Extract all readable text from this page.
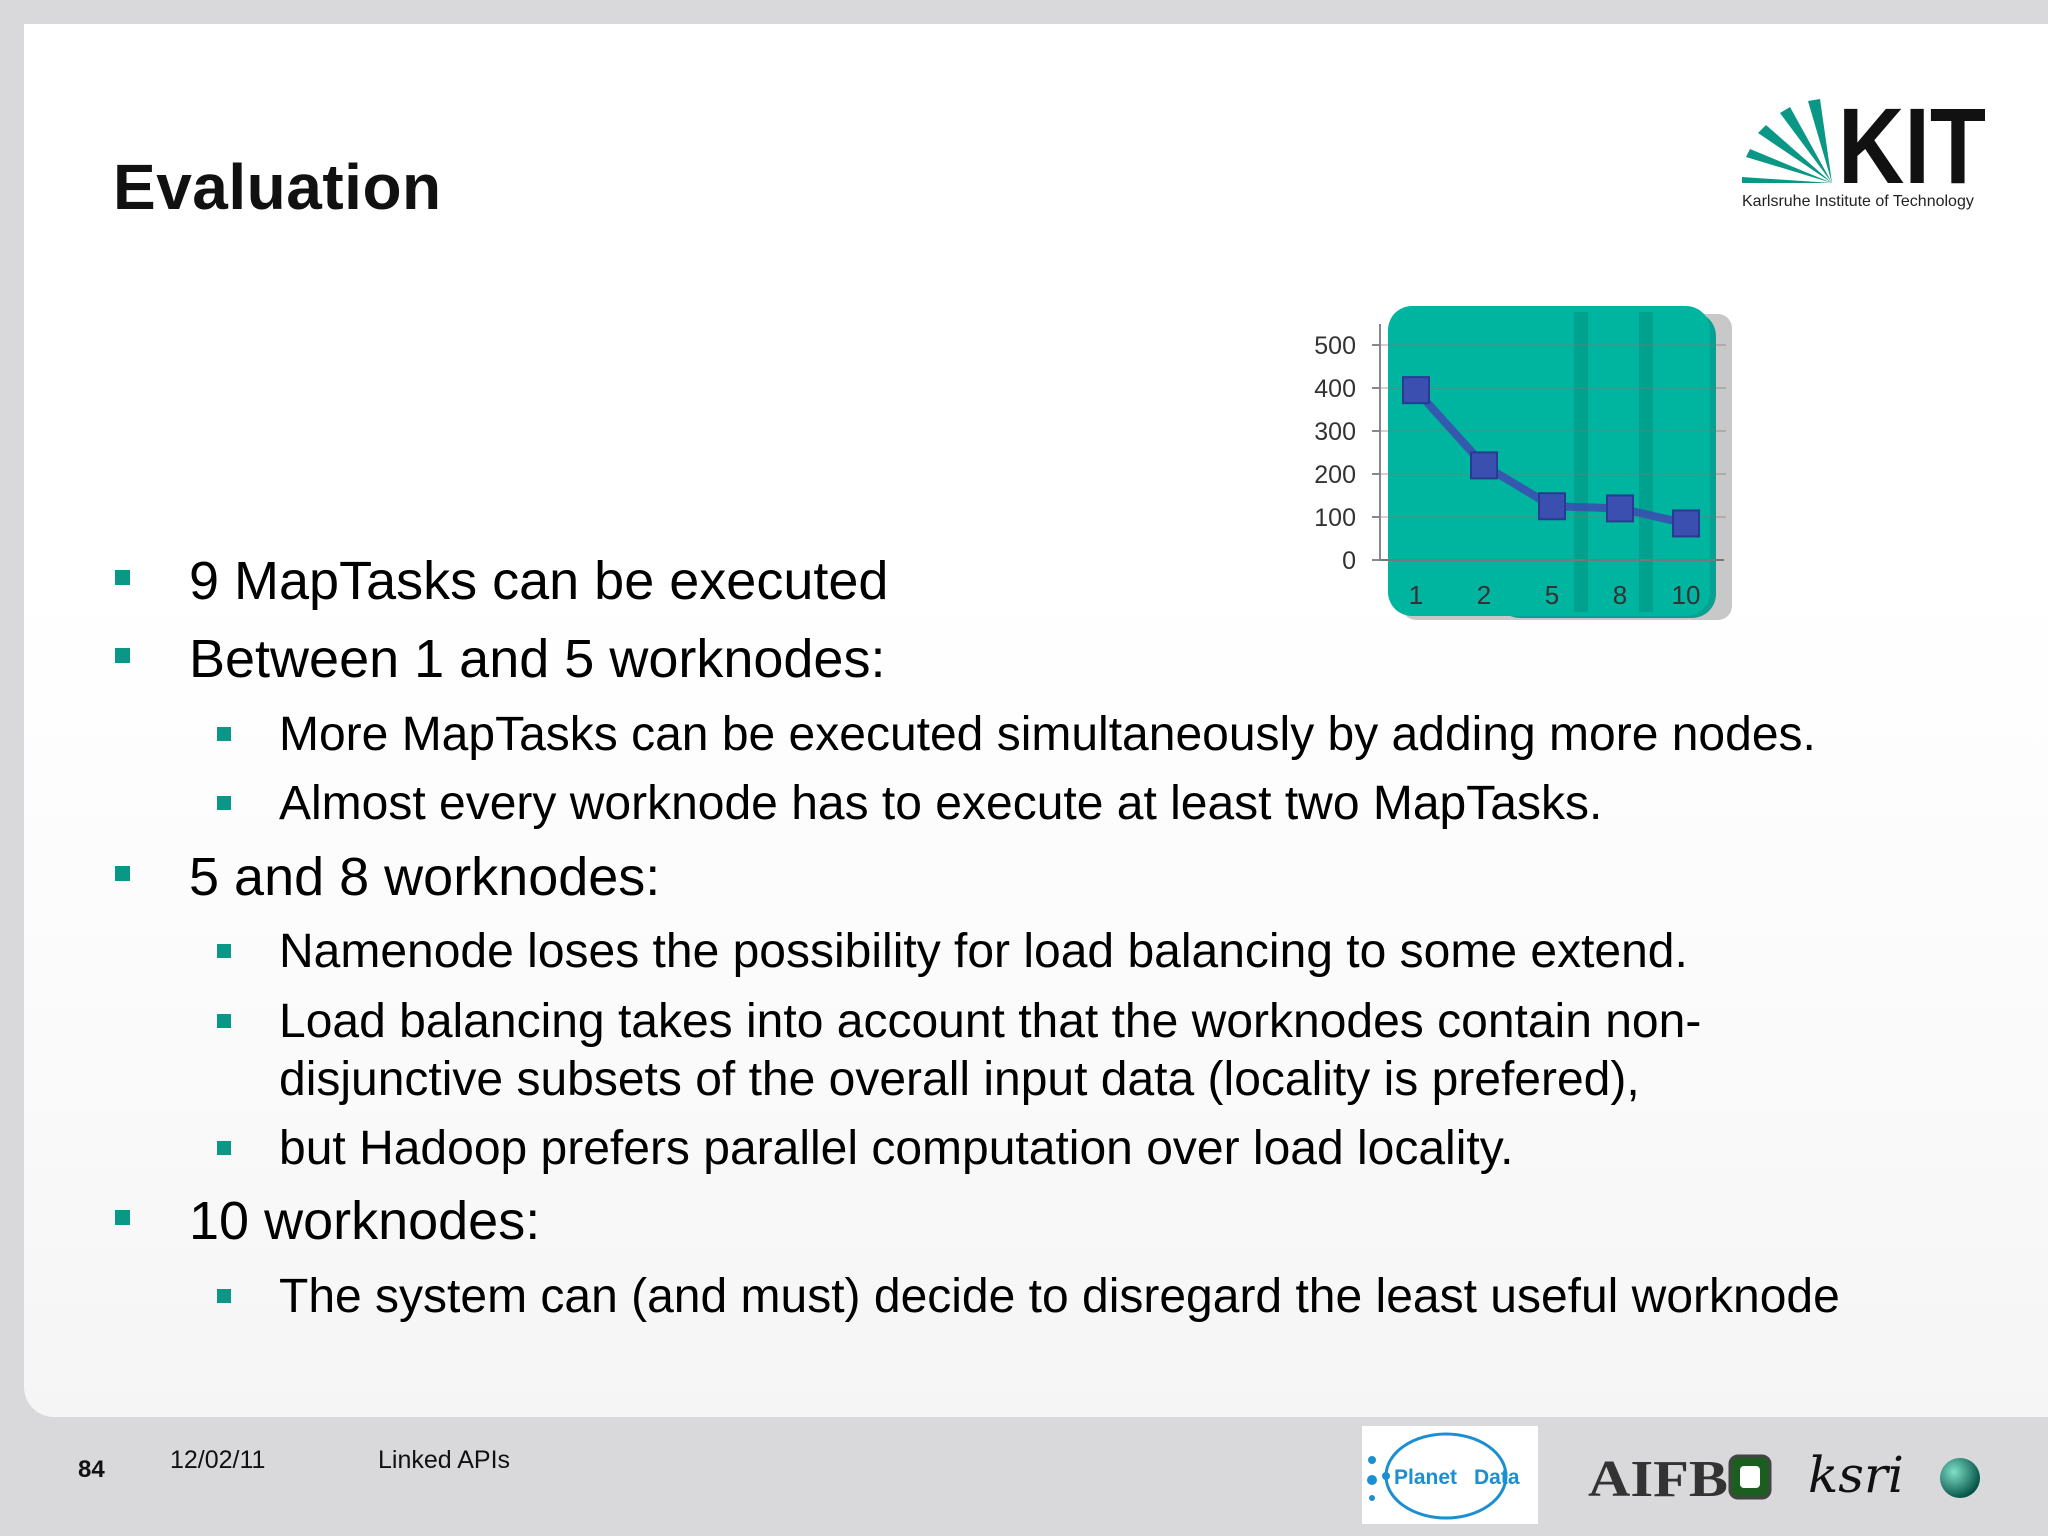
Evaluation	KIT
Karlsruhe Institute of Technology
500
400
300
200
100
0
1 2 5 8 10

9 MapTasks can be executed

Between 1 and 5 worknodes:

More MapTasks can be executed simultaneously by adding more nodes.

Almost every worknode has to execute at least two MapTasks.

5 and 8 worknodes:

Namenode loses the possibility for load balancing to some extend.

Load balancing takes into account that the worknodes contain non-disjunctive subsets of the overall input data (locality is prefered),

but Hadoop prefers parallel computation over load locality.

10 worknodes:

The system can (and must) decide to disregard the least useful worknode

84	12/02/11	Linked APIs
Planet Data AIFB ksri
